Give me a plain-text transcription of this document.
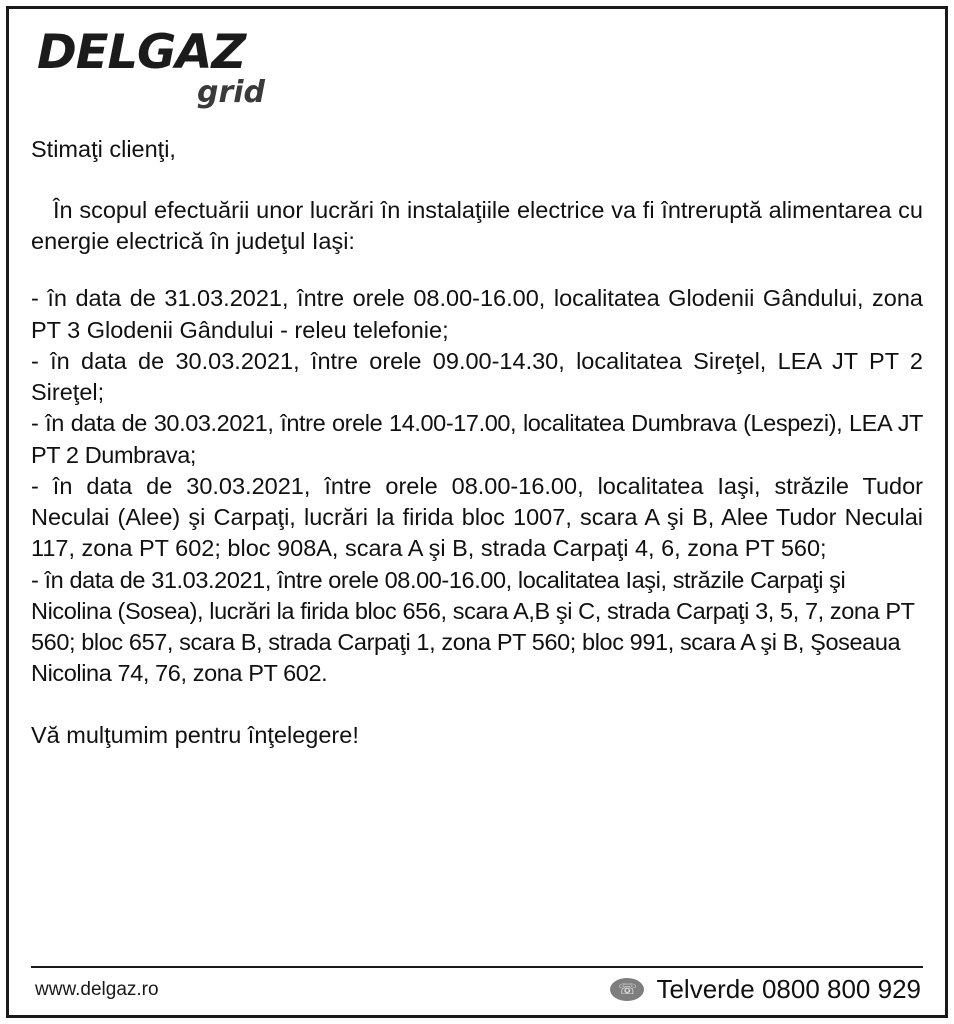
DELGAZ
grid
Stimaţi clienţi,
În scopul efectuării unor lucrări în instalaţiile electrice va fi întreruptă alimentarea cu energie electrică în judeţul Iaşi:

- în data de 31.03.2021, între orele 08.00-16.00, localitatea Glodenii Gândului, zona PT 3 Glodenii Gândului - releu telefonie;

- în data de 30.03.2021, între orele 09.00-14.30, localitatea Sireţel, LEA JT PT 2 Sireţel;

- în data de 30.03.2021, între orele 14.00-17.00, localitatea Dumbrava (Lespezi), LEA JT PT 2 Dumbrava;

- în data de 30.03.2021, între orele 08.00-16.00, localitatea Iaşi, străzile Tudor Neculai (Alee) şi Carpaţi, lucrări la firida bloc 1007, scara A şi B, Alee Tudor Neculai 117, zona PT 602; bloc 908A, scara A şi B, strada Carpaţi 4, 6, zona PT 560;

- în data de 31.03.2021, între orele 08.00-16.00, localitatea Iaşi, străzile Carpaţi şi Nicolina (Sosea), lucrări la firida bloc 656, scara A,B şi C, strada Carpaţi 3, 5, 7, zona PT 560; bloc 657, scara B, strada Carpaţi 1, zona PT 560; bloc 991, scara A şi B, Şoseaua Nicolina 74, 76, zona PT 602.

Vă mulţumim pentru înţelegere!
www.delgaz.ro	☏ Telverde 0800 800 929
